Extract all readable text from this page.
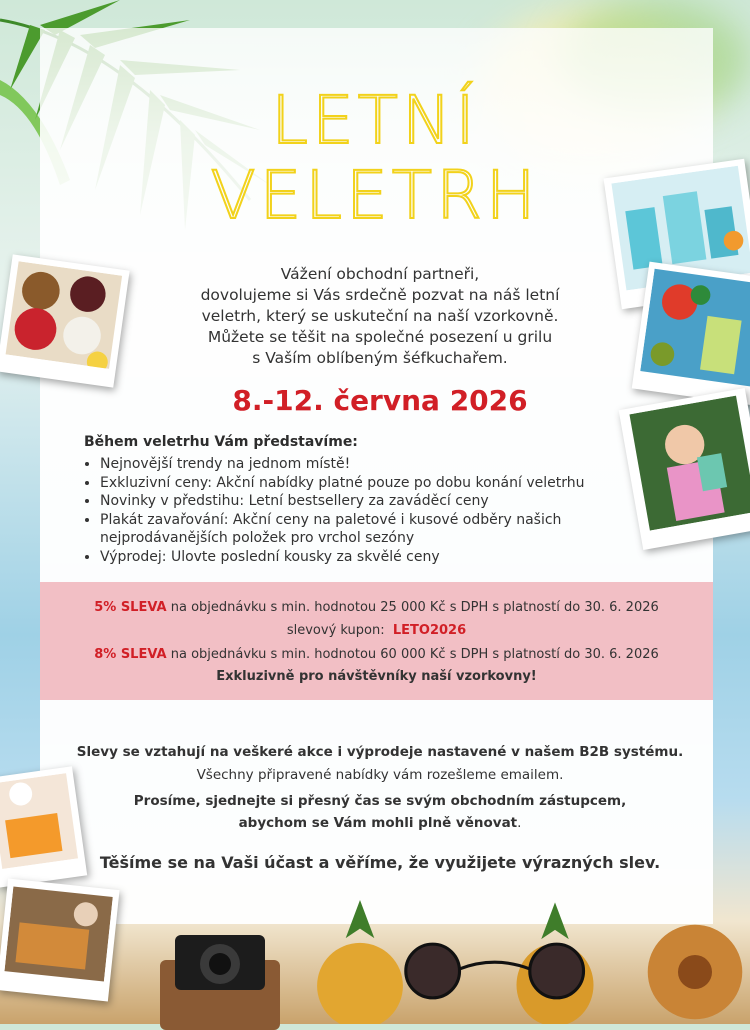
LETNÍ
VELETRH
Vážení obchodní partneři,
dovolujeme si Vás srdečně pozvat na náš letní
veletrh, který se uskuteční na naší vzorkovně.
Můžete se těšit na společné posezení u grilu
s Vaším oblíbeným šéfkuchařem.
8.-12. června 2026
Během veletrhu Vám představíme:
• Nejnovější trendy na jednom místě!
• Exkluzivní ceny: Akční nabídky platné pouze po dobu konání veletrhu
• Novinky v předstihu: Letní bestsellery za zaváděcí ceny
• Plakát zavařování: Akční ceny na paletové i kusové odběry našich nejprodávanějších položek pro vrchol sezóny
• Výprodej: Ulovte poslední kousky za skvělé ceny
5% SLEVA na objednávku s min. hodnotou 25 000 Kč s DPH s platností do 30. 6. 2026
slevový kupon: LETO2026
8% SLEVA na objednávku s min. hodnotou 60 000 Kč s DPH s platností do 30. 6. 2026
Exkluzivně pro návštěvníky naší vzorkovny!
Slevy se vztahují na veškeré akce i výprodeje nastavené v našem B2B systému.
Všechny připravené nabídky vám rozešleme emailem.
Prosíme, sjednejte si přesný čas se svým obchodním zástupcem,
abychom se Vám mohli plně věnovat.
Těšíme se na Vaši účast a věříme, že využijete výrazných slev.
